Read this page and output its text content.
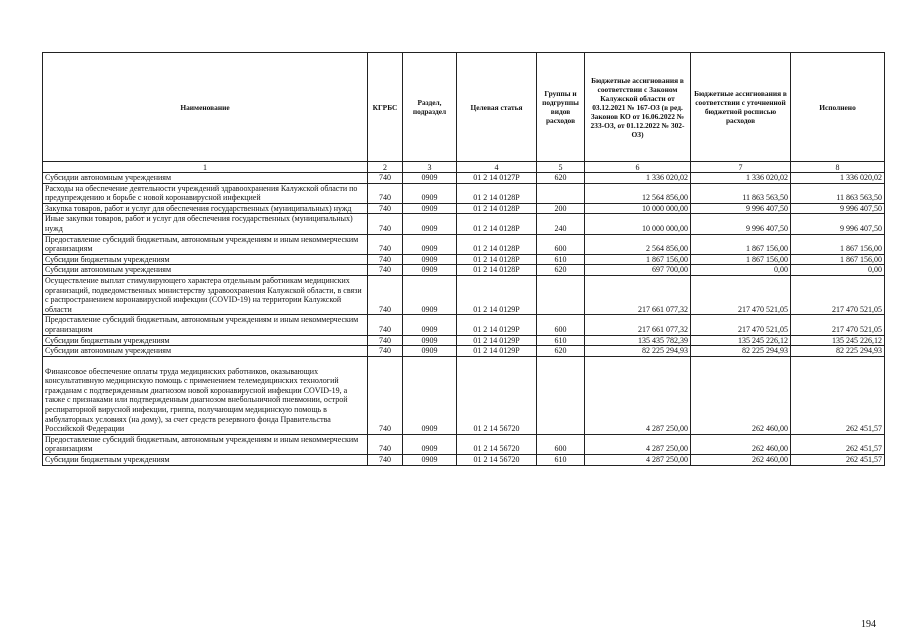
Наименование	КГРБС	Раздел, подраздел	Целевая статья	Группы и подгруппы видов расходов	Бюджетные ассигнования в соответствии с Законом Калужской области от 03.12.2021 № 167-ОЗ (в ред. Законов КО от 16.06.2022 № 233-ОЗ, от 01.12.2022 № 302-ОЗ)	Бюджетные ассигнования в соответствии с уточненной бюджетной росписью расходов	Исполнено
1	2	3	4	5	6	7	8
Субсидии автономным учреждениям	740	0909	01 2 14 0127P	620	1 336 020,02	1 336 020,02	1 336 020,02
Расходы на обеспечение деятельности учреждений здравоохранения Калужской области по предупреждению и борьбе с новой коронавирусной инфекцией	740	0909	01 2 14 0128P		12 564 856,00	11 863 563,50	11 863 563,50
Закупка товаров, работ и услуг для обеспечения государственных (муниципальных) нужд	740	0909	01 2 14 0128P	200	10 000 000,00	9 996 407,50	9 996 407,50
Иные закупки товаров, работ и услуг для обеспечения государственных (муниципальных) нужд	740	0909	01 2 14 0128P	240	10 000 000,00	9 996 407,50	9 996 407,50
Предоставление субсидий бюджетным, автономным учреждениям и иным некоммерческим организациям	740	0909	01 2 14 0128P	600	2 564 856,00	1 867 156,00	1 867 156,00
Субсидии бюджетным учреждениям	740	0909	01 2 14 0128P	610	1 867 156,00	1 867 156,00	1 867 156,00
Субсидии автономным учреждениям	740	0909	01 2 14 0128P	620	697 700,00	0,00	0,00
Осуществление выплат стимулирующего характера отдельным работникам медицинских организаций, подведомственных министерству здравоохранения Калужской области, в связи с распространением коронавирусной инфекции (COVID-19) на территории Калужской области	740	0909	01 2 14 0129P		217 661 077,32	217 470 521,05	217 470 521,05
Предоставление субсидий бюджетным, автономным учреждениям и иным некоммерческим организациям	740	0909	01 2 14 0129P	600	217 661 077,32	217 470 521,05	217 470 521,05
Субсидии бюджетным учреждениям	740	0909	01 2 14 0129P	610	135 435 782,39	135 245 226,12	135 245 226,12
Субсидии автономным учреждениям	740	0909	01 2 14 0129P	620	82 225 294,93	82 225 294,93	82 225 294,93
Финансовое обеспечение оплаты труда медицинских работников, оказывающих консультативную медицинскую помощь с применением телемедицинских технологий гражданам с подтвержденным диагнозом новой коронавирусной инфекции COVID-19, а также с признаками или подтвержденным диагнозом внебольничной пневмонии, острой респираторной вирусной инфекции, гриппа, получающим медицинскую помощь в амбулаторных условиях (на дому), за счет средств резервного фонда Правительства Российской Федерации	740	0909	01 2 14 56720		4 287 250,00	262 460,00	262 451,57
Предоставление субсидий бюджетным, автономным учреждениям и иным некоммерческим организациям	740	0909	01 2 14 56720	600	4 287 250,00	262 460,00	262 451,57
Субсидии бюджетным учреждениям	740	0909	01 2 14 56720	610	4 287 250,00	262 460,00	262 451,57
194
